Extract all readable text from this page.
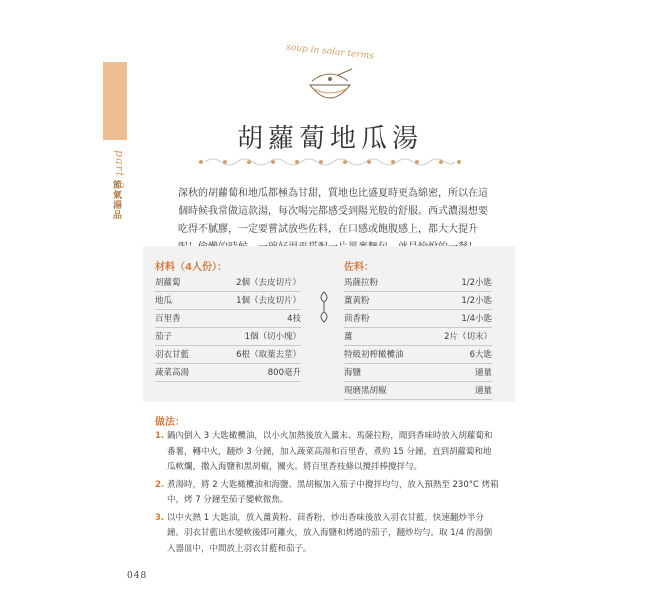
part 2
節氣湯品
soup in solar terms
胡蘿蔔地瓜湯
深秋的胡蘿蔔和地瓜都極為甘甜，質地也比盛夏時更為綿密，所以在這
個時候我常做這款湯，每次喝完都感受到陽光般的舒服。西式濃湯想要
吃得不膩膠，一定要嘗試放些佐料，在口感或飽腹感上，都大大提升
材料（4人份）：
胡蘿蔔	2個（去皮切片）
地瓜	1個（去皮切片）
百里香	4枝
茄子	1個（切小塊）
羽衣甘藍	6根（取葉去莖）
蔬菜高湯	800毫升
佐料：
馬薩拉粉	1/2小匙
薑黃粉	1/2小匙
茴香粉	1/4小匙
薑	2片（切末）
特級初榨橄欖油	6大匙
海鹽	適量
現磨黑胡椒	適量
做法：
1. 鍋內倒入 3 大匙橄欖油，以小火加熱後放入薑末、馬薩拉粉，聞到香味時放入胡蘿蔔和番薯，轉中火，翻炒 3 分鐘，加入蔬菜高湯和百里香，煮約 15 分鐘，直到胡蘿蔔和地瓜軟爛，撒入海鹽和黑胡椒，關火。將百里香枝條以攪拌棒攪拌勻。
2. 煮湯時，將 2 大匙橄欖油和海鹽、黑胡椒加入茄子中攪拌均勻，放入預熱至 230°C 烤箱中，烤 7 分鐘至茄子變軟微焦。
3. 以中火熱 1 大匙油，放入薑黃粉、茴香粉，炒出香味後放入羽衣甘藍，快速翻炒半分鐘。羽衣甘藍出水變軟後即可離火，放入海鹽和烤過的茄子，翻炒均勻。取 1/4 的湯倒入器皿中，中間放上羽衣甘藍和茄子。
048
